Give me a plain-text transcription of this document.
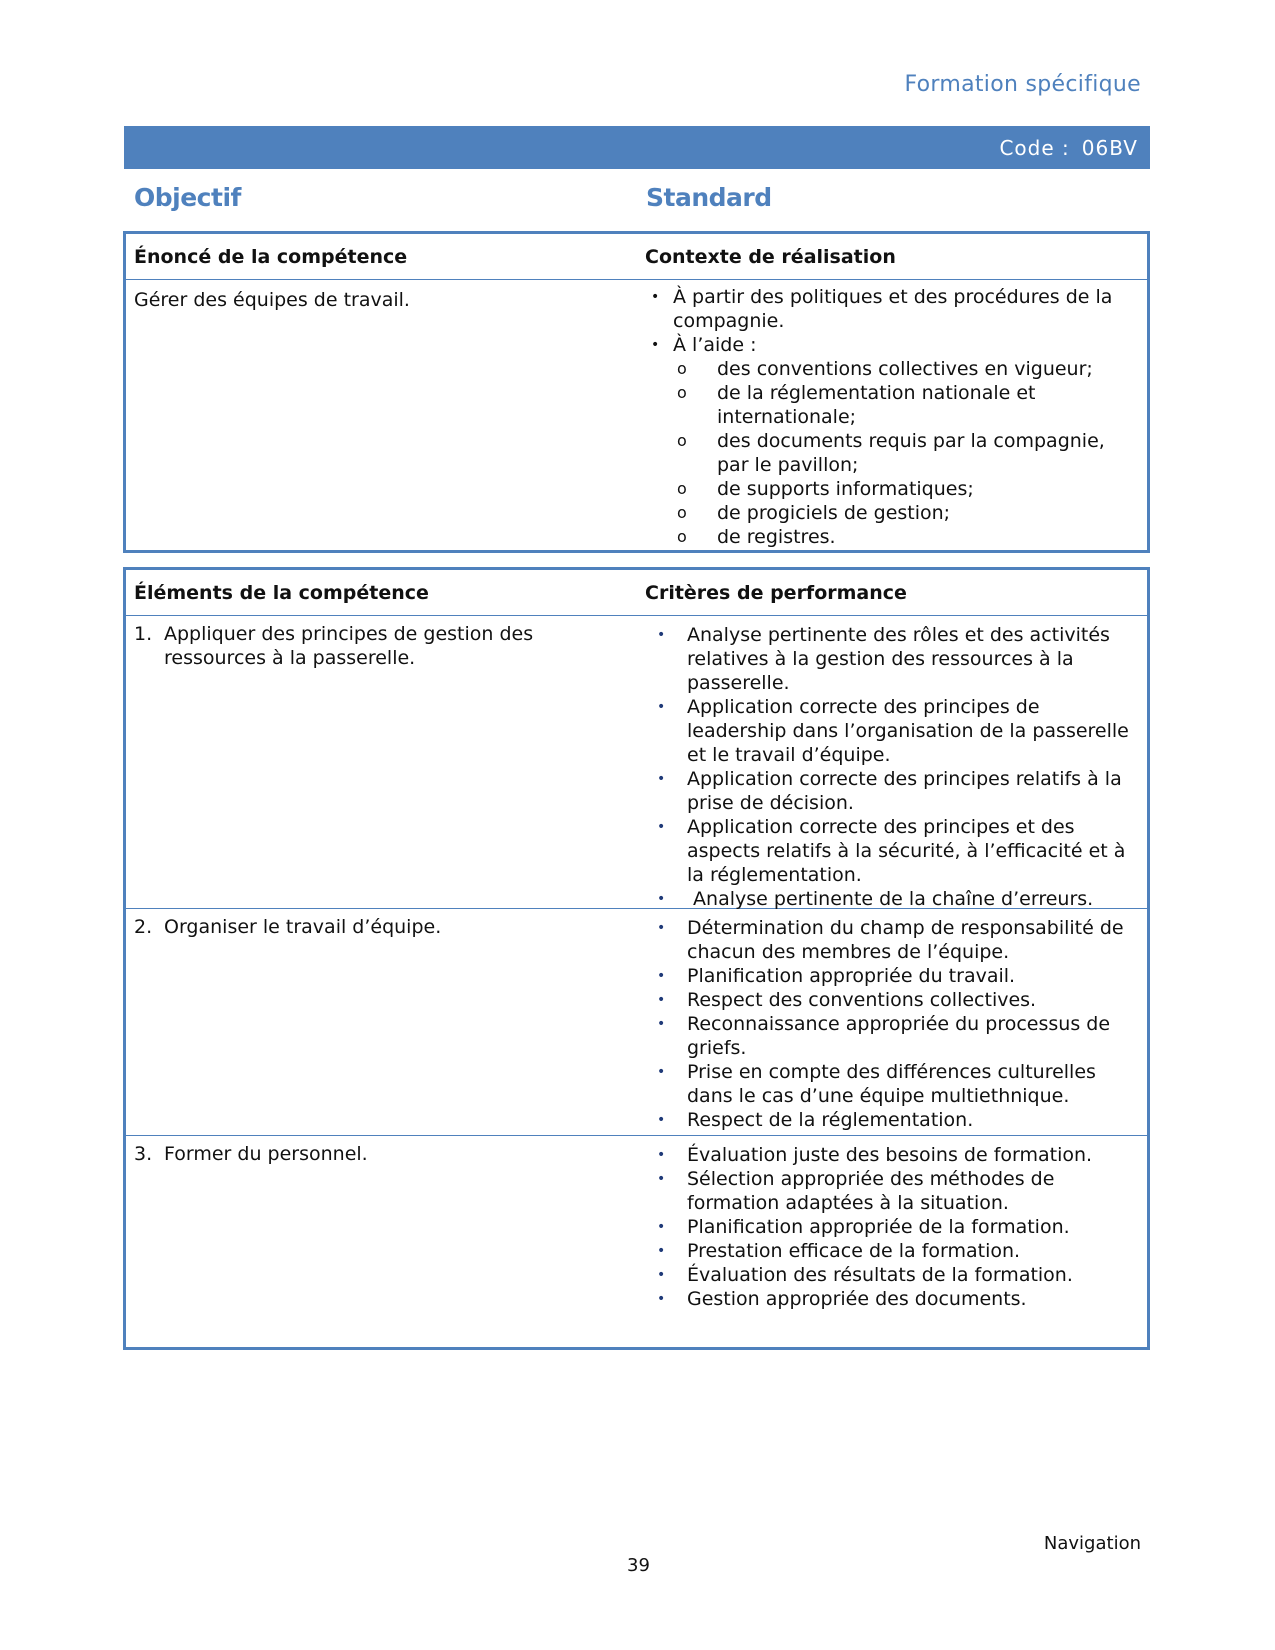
Formation spécifique
Code : 06BV
Objectif	Standard
Énoncé de la compétence	Contexte de réalisation
Gérer des équipes de travail.	• À partir des politiques et des procédures de la compagnie.
• À l’aide :
o	des conventions collectives en vigueur;
o	de la réglementation nationale et internationale;
o	des documents requis par la compagnie, par le pavillon;
o	de supports informatiques;
o	de progiciels de gestion;
o	de registres.
Éléments de la compétence	Critères de performance
1. Appliquer des principes de gestion des ressources à la passerelle.
•	Analyse pertinente des rôles et des activités relatives à la gestion des ressources à la passerelle.
•	Application correcte des principes de leadership dans l’organisation de la passerelle et le travail d’équipe.
•	Application correcte des principes relatifs à la prise de décision.
•	Application correcte des principes et des aspects relatifs à la sécurité, à l’efficacité et à la réglementation.
•	Analyse pertinente de la chaîne d’erreurs.
2. Organiser le travail d’équipe.	•	Détermination du champ de responsabilité de chacun des membres de l’équipe.
•	Planification appropriée du travail.
•	Respect des conventions collectives.
•	Reconnaissance appropriée du processus de griefs.
•	Prise en compte des différences culturelles dans le cas d’une équipe multiethnique.
•	Respect de la réglementation.
3. Former du personnel.	•	Évaluation juste des besoins de formation.
•	Sélection appropriée des méthodes de formation adaptées à la situation.
•	Planification appropriée de la formation.
•	Prestation efficace de la formation.
•	Évaluation des résultats de la formation.
•	Gestion appropriée des documents.
Navigation
39
